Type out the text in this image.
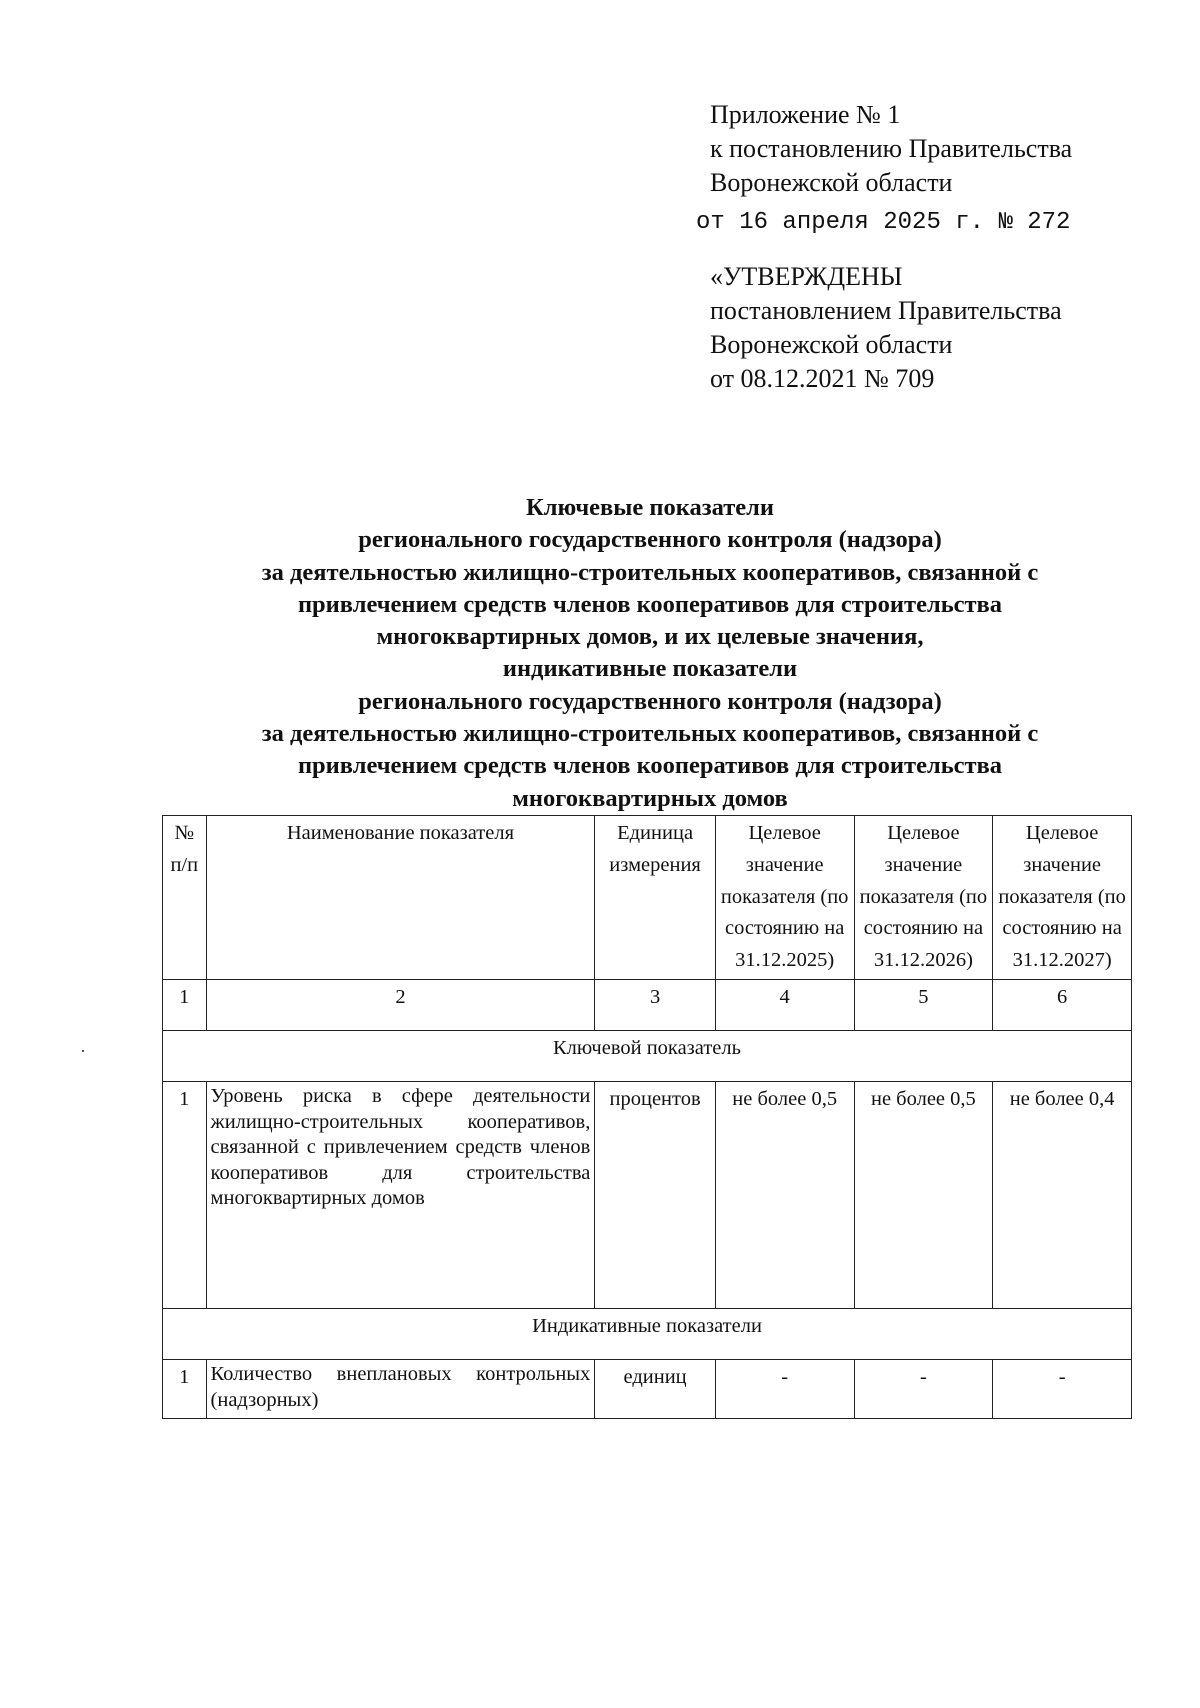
Приложение № 1
к постановлению Правительства
Воронежской области
от 16 апреля 2025 г. № 272
«УТВЕРЖДЕНЫ
постановлением Правительства
Воронежской области
от 08.12.2021 № 709
Ключевые показатели
регионального государственного контроля (надзора)
за деятельностью жилищно-строительных кооперативов, связанной с
привлечением средств членов кооперативов для строительства
многоквартирных домов, и их целевые значения,
индикативные показатели
регионального государственного контроля (надзора)
за деятельностью жилищно-строительных кооперативов, связанной с
привлечением средств членов кооперативов для строительства
многоквартирных домов
№ п/п	Наименование показателя	Единица измерения	Целевое значение показателя (по состоянию на 31.12.2025)	Целевое значение показателя (по состоянию на 31.12.2026)	Целевое значение показателя (по состоянию на 31.12.2027)
1	2	3	4	5	6
Ключевой показатель					
1	Уровень риска в сфере деятельности жилищно-строительных кооперативов, связанной с привлечением средств членов кооперативов для строительства многоквартирных домов	процентов	не более 0,5	не более 0,5	не более 0,4
Индикативные показатели					
1	Количество внеплановых контрольных (надзорных)	единиц	-	-	-
